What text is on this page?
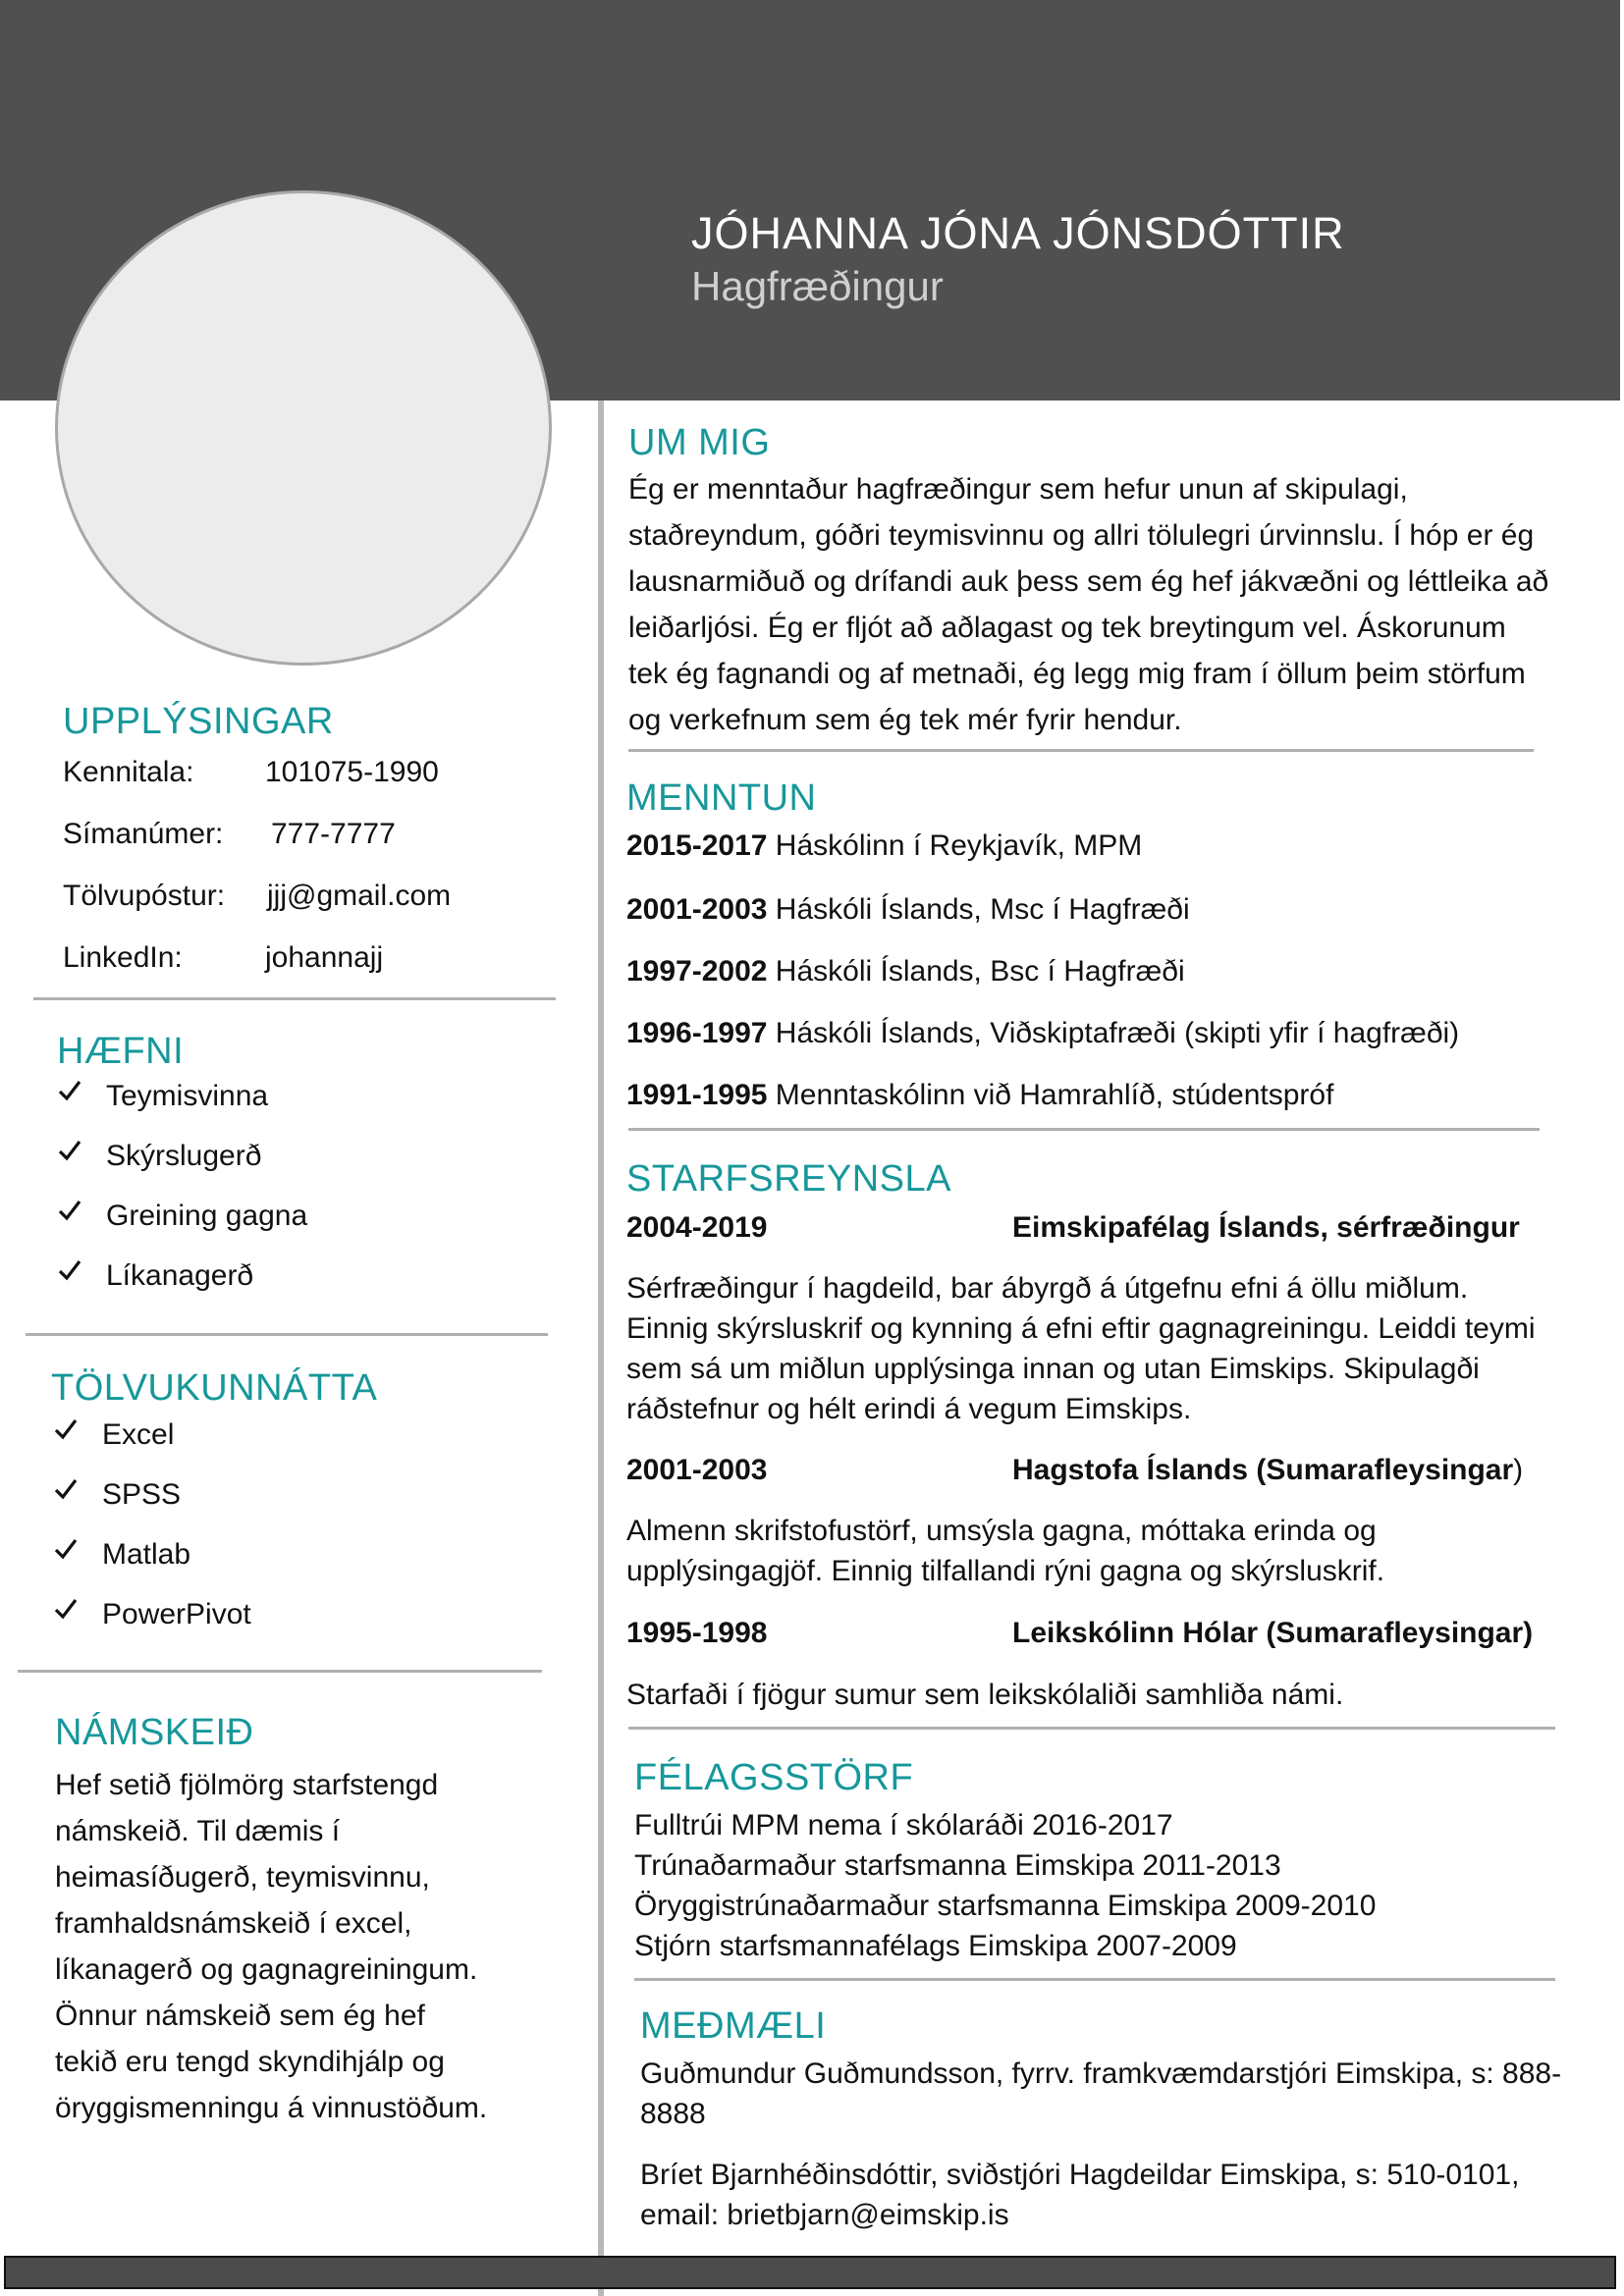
JÓHANNA JÓNA JÓNSDÓTTIR
Hagfræðingur
UPPLÝSINGAR
Kennitala: 101075-1990
Símanúmer: 777-7777
Tölvupóstur: jjj@gmail.com
LinkedIn:	johannajj
HÆFNI
Teymisvinna
Skýrslugerð
Greining gagna
Líkanagerð
TÖLVUKUNNÁTTA
Excel
SPSS
Matlab
PowerPivot
NÁMSKEIÐ
Hef setið fjölmörg starfstengd
námskeið. Til dæmis í
heimasíðugerð, teymisvinnu,
framhaldsnámskeið í excel,
líkanagerð og gagnagreiningum.
Önnur námskeið sem ég hef
tekið eru tengd skyndihjálp og
öryggismenningu á vinnustöðum.
UM MIG
Ég er menntaður hagfræðingur sem hefur unun af skipulagi,
staðreyndum, góðri teymisvinnu og allri tölulegri úrvinnslu. Í hóp er ég
lausnarmiðuð og drífandi auk þess sem ég hef jákvæðni og léttleika að
leiðarljósi. Ég er fljót að aðlagast og tek breytingum vel. Áskorunum
tek ég fagnandi og af metnaði, ég legg mig fram í öllum þeim störfum
og verkefnum sem ég tek mér fyrir hendur.
MENNTUN
2015-2017 Háskólinn í Reykjavík, MPM
2001-2003 Háskóli Íslands, Msc í Hagfræði
1997-2002 Háskóli Íslands, Bsc í Hagfræði
1996-1997 Háskóli Íslands, Viðskiptafræði (skipti yfir í hagfræði)
1991-1995 Menntaskólinn við Hamrahlíð, stúdentspróf
STARFSREYNSLA
2004-2019	Eimskipafélag Íslands, sérfræðingur
Sérfræðingur í hagdeild, bar ábyrgð á útgefnu efni á öllu miðlum.
Einnig skýrsluskrif og kynning á efni eftir gagnagreiningu. Leiddi teymi
sem sá um miðlun upplýsinga innan og utan Eimskips. Skipulagði
ráðstefnur og hélt erindi á vegum Eimskips.
2001-2003	Hagstofa Íslands (Sumarafleysingar)
Almenn skrifstofustörf, umsýsla gagna, móttaka erinda og
upplýsingagjöf. Einnig tilfallandi rýni gagna og skýrsluskrif.
1995-1998	Leikskólinn Hólar (Sumarafleysingar)
Starfaði í fjögur sumur sem leikskólaliði samhliða námi.
FÉLAGSSTÖRF
Fulltrúi MPM nema í skólaráði 2016-2017
Trúnaðarmaður starfsmanna Eimskipa 2011-2013
Öryggistrúnaðarmaður starfsmanna Eimskipa 2009-2010
Stjórn starfsmannafélags Eimskipa 2007-2009
MEÐMÆLI
Guðmundur Guðmundsson, fyrrv. framkvæmdarstjóri Eimskipa, s: 888-
8888
Bríet Bjarnhéðinsdóttir, sviðstjóri Hagdeildar Eimskipa, s: 510-0101,
email: brietbjarn@eimskip.is
